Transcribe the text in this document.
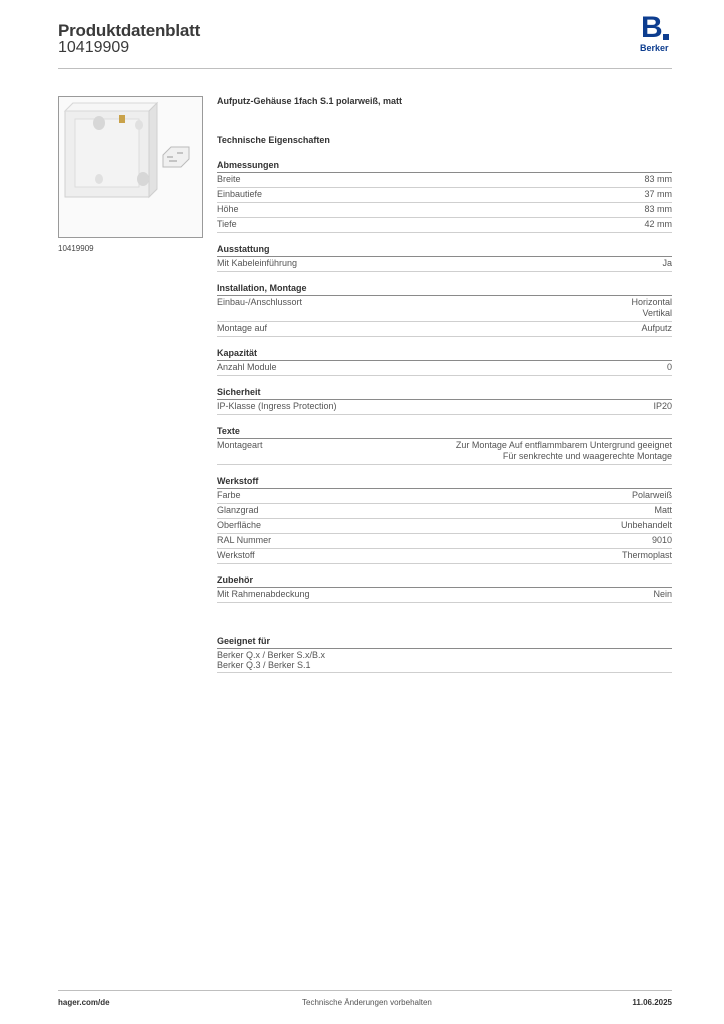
Produktdatenblatt
10419909
B
Berker
10419909
Aufputz-Gehäuse 1fach S.1 polarweiß, matt
Technische Eigenschaften
Abmessungen
Breite	83 mm
Einbautiefe	37 mm
Höhe	83 mm
Tiefe	42 mm
Ausstattung
Mit Kabeleinführung	Ja
Installation, Montage
Einbau-/Anschlussort	Horizontal
Vertikal
Montage auf	Aufputz
Kapazität
Anzahl Module	0
Sicherheit
IP-Klasse (Ingress Protection)	IP20
Texte
Montageart	Zur Montage Auf entflammbarem Untergrund geeignet
Für senkrechte und waagerechte Montage
Werkstoff
Farbe	Polarweiß
Glanzgrad	Matt
Oberfläche	Unbehandelt
RAL Nummer	9010
Werkstoff	Thermoplast
Zubehör
Mit Rahmenabdeckung	Nein
Geeignet für
Berker Q.x / Berker S.x/B.x
Berker Q.3 / Berker S.1
hager.com/de	Technische Änderungen vorbehalten	11.06.2025
